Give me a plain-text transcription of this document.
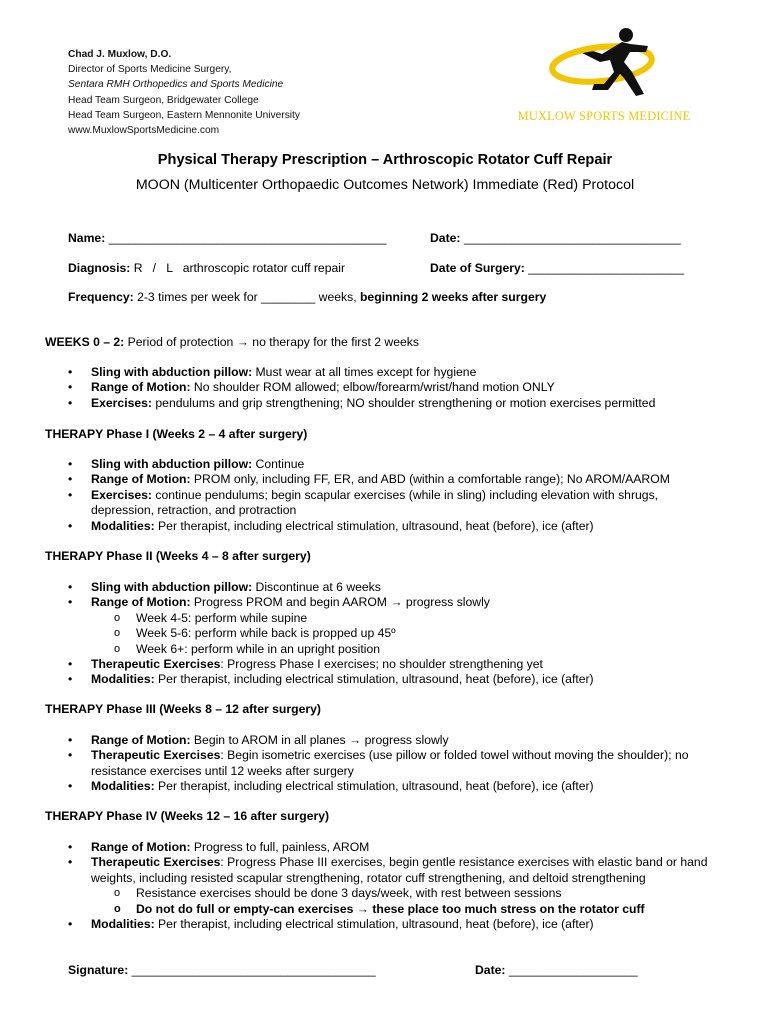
Chad J. Muxlow, D.O.
Director of Sports Medicine Surgery,
Sentara RMH Orthopedics and Sports Medicine
Head Team Surgeon, Bridgewater College
Head Team Surgeon, Eastern Mennonite University
www.MuxlowSportsMedicine.com
MUXLOW SPORTS MEDICINE
Physical Therapy Prescription – Arthroscopic Rotator Cuff Repair
MOON (Multicenter Orthopaedic Outcomes Network) Immediate (Red) Protocol
Name: _________________________________________	Date: ________________________________
Diagnosis: R   /   L   arthroscopic rotator cuff repair	Date of Surgery: _______________________
Frequency: 2-3 times per week for ________ weeks, beginning 2 weeks after surgery
WEEKS 0 – 2: Period of protection → no therapy for the first 2 weeks
• Sling with abduction pillow: Must wear at all times except for hygiene
• Range of Motion: No shoulder ROM allowed; elbow/forearm/wrist/hand motion ONLY
• Exercises: pendulums and grip strengthening; NO shoulder strengthening or motion exercises permitted
THERAPY Phase I (Weeks 2 – 4 after surgery)
• Sling with abduction pillow: Continue
• Range of Motion: PROM only, including FF, ER, and ABD (within a comfortable range); No AROM/AAROM
• Exercises: continue pendulums; begin scapular exercises (while in sling) including elevation with shrugs, depression, retraction, and protraction
• Modalities: Per therapist, including electrical stimulation, ultrasound, heat (before), ice (after)
THERAPY Phase II (Weeks 4 – 8 after surgery)
• Sling with abduction pillow: Discontinue at 6 weeks
• Range of Motion: Progress PROM and begin AAROM → progress slowly
o Week 4-5: perform while supine
o Week 5-6: perform while back is propped up 45º
o Week 6+: perform while in an upright position
• Therapeutic Exercises: Progress Phase I exercises; no shoulder strengthening yet
• Modalities: Per therapist, including electrical stimulation, ultrasound, heat (before), ice (after)
THERAPY Phase III (Weeks 8 – 12 after surgery)
• Range of Motion: Begin to AROM in all planes → progress slowly
• Therapeutic Exercises: Begin isometric exercises (use pillow or folded towel without moving the shoulder); no resistance exercises until 12 weeks after surgery
• Modalities: Per therapist, including electrical stimulation, ultrasound, heat (before), ice (after)
THERAPY Phase IV (Weeks 12 – 16 after surgery)
• Range of Motion: Progress to full, painless, AROM
• Therapeutic Exercises: Progress Phase III exercises, begin gentle resistance exercises with elastic band or hand weights, including resisted scapular strengthening, rotator cuff strengthening, and deltoid strengthening
o Resistance exercises should be done 3 days/week, with rest between sessions
o Do not do full or empty-can exercises → these place too much stress on the rotator cuff
• Modalities: Per therapist, including electrical stimulation, ultrasound, heat (before), ice (after)
Signature: ____________________________________	Date: ___________________
